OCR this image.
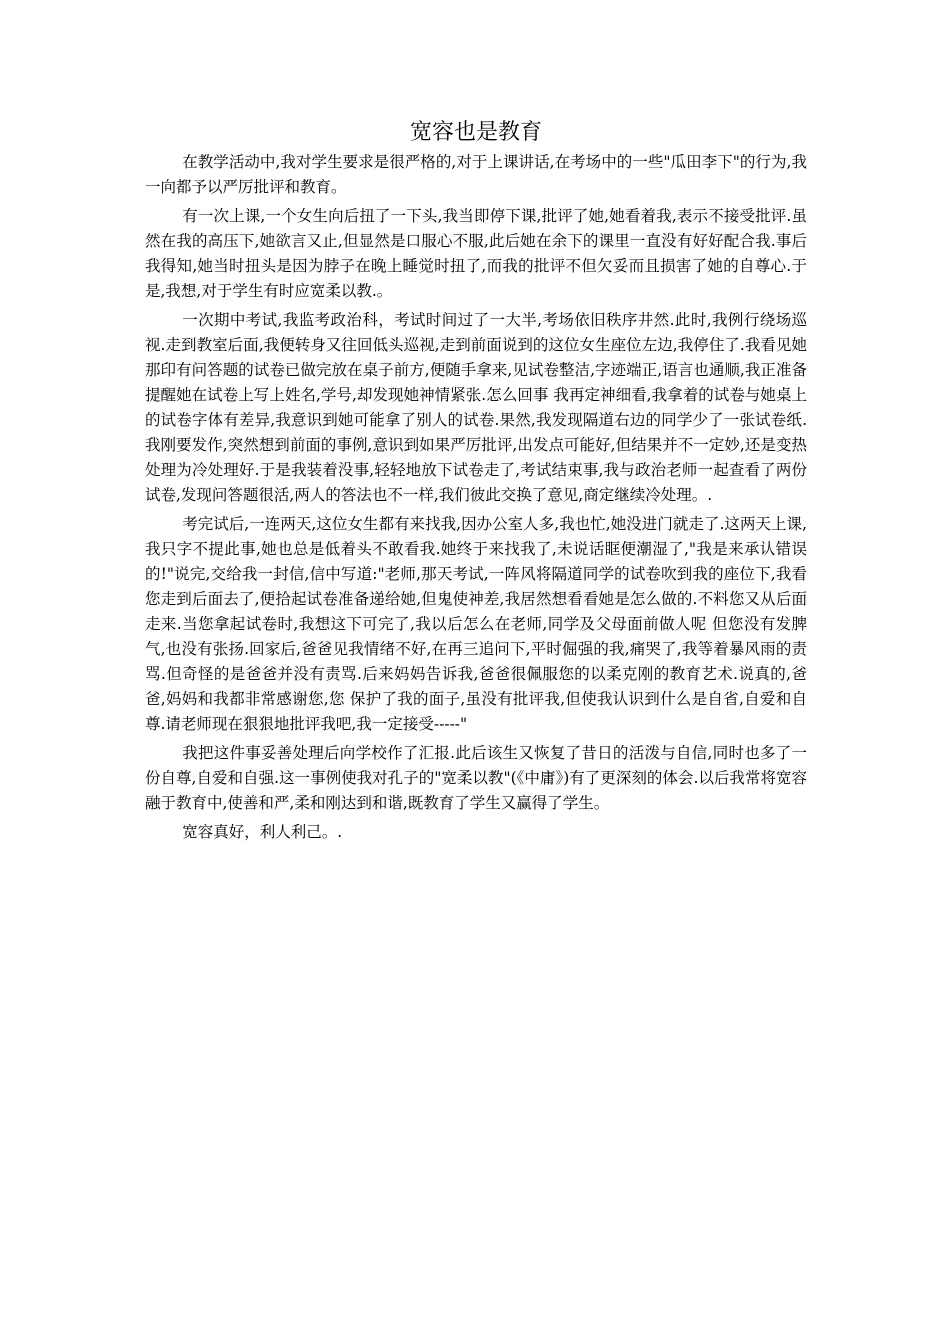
宽容也是教育

在教学活动中,我对学生要求是很严格的,对于上课讲话,在考场中的一些"瓜田李下"的行为,我一向都予以严厉批评和教育。

有一次上课,一个女生向后扭了一下头,我当即停下课,批评了她,她看着我,表示不接受批评.虽然在我的高压下,她欲言又止,但显然是口服心不服,此后她在余下的课里一直没有好好配合我.事后我得知,她当时扭头是因为脖子在晚上睡觉时扭了,而我的批评不但欠妥而且损害了她的自尊心.于是,我想,对于学生有时应宽柔以教.。

一次期中考试,我监考政治科，考试时间过了一大半,考场依旧秩序井然.此时,我例行绕场巡视.走到教室后面,我便转身又往回低头巡视,走到前面说到的这位女生座位左边,我停住了.我看见她那印有问答题的试卷已做完放在桌子前方,便随手拿来,见试卷整洁,字迹端正,语言也通顺,我正准备提醒她在试卷上写上姓名,学号,却发现她神情紧张.怎么回事 我再定神细看,我拿着的试卷与她桌上的试卷字体有差异,我意识到她可能拿了别人的试卷.果然,我发现隔道右边的同学少了一张试卷纸.我刚要发作,突然想到前面的事例,意识到如果严厉批评,出发点可能好,但结果并不一定妙,还是变热处理为冷处理好.于是我装着没事,轻轻地放下试卷走了,考试结束事,我与政治老师一起查看了两份试卷,发现问答题很活,两人的答法也不一样,我们彼此交换了意见,商定继续冷处理。.

考完试后,一连两天,这位女生都有来找我,因办公室人多,我也忙,她没进门就走了.这两天上课,我只字不提此事,她也总是低着头不敢看我.她终于来找我了,未说话眶便潮湿了,"我是来承认错误的!"说完,交给我一封信,信中写道:"老师,那天考试,一阵风将隔道同学的试卷吹到我的座位下,我看您走到后面去了,便拾起试卷准备递给她,但鬼使神差,我居然想看看她是怎么做的.不料您又从后面走来.当您拿起试卷时,我想这下可完了,我以后怎么在老师,同学及父母面前做人呢 但您没有发脾气,也没有张扬.回家后,爸爸见我情绪不好,在再三追问下,平时倔强的我,痛哭了,我等着暴风雨的责骂.但奇怪的是爸爸并没有责骂.后来妈妈告诉我,爸爸很佩服您的以柔克刚的教育艺术.说真的,爸爸,妈妈和我都非常感谢您,您 保护了我的面子,虽没有批评我,但使我认识到什么是自省,自爱和自尊.请老师现在狠狠地批评我吧,我一定接受-----"

我把这件事妥善处理后向学校作了汇报.此后该生又恢复了昔日的活泼与自信,同时也多了一份自尊,自爱和自强.这一事例使我对孔子的"宽柔以教"(《中庸》)有了更深刻的体会.以后我常将宽容融于教育中,使善和严,柔和刚达到和谐,既教育了学生又赢得了学生。

宽容真好，利人利己。.
